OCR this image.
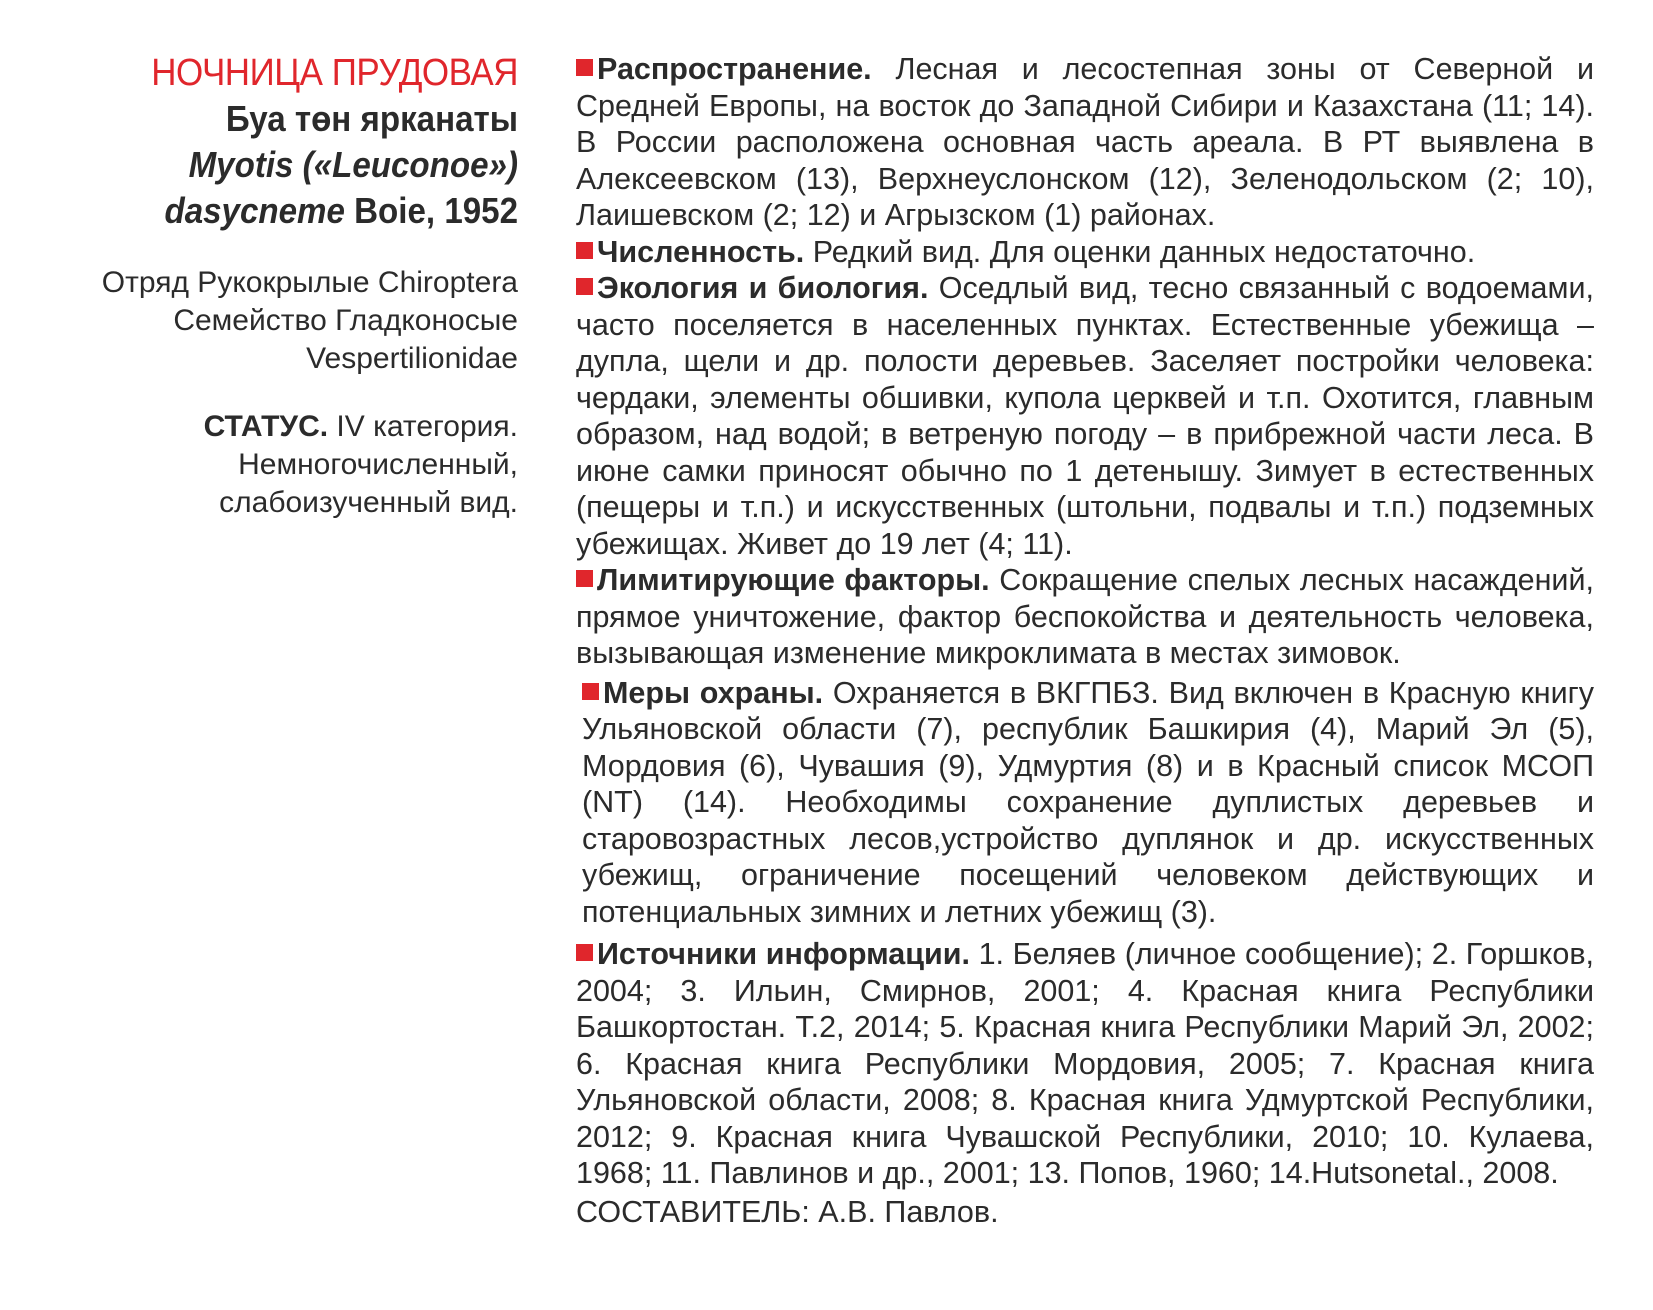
НОЧНИЦА ПРУДОВАЯ
Буа төн ярканаты
Myotis («Leuconoe»)
dasycneme Boie, 1952
Отряд Рукокрылые Chiroptera
Семейство Гладконосые
Vespertilionidae
СТАТУС. IV категория.
Немногочисленный,
слабоизученный вид.

Распространение. Лесная и лесостепная зоны от Северной и Средней Европы, на восток до Западной Сибири и Казахстана (11; 14). В России расположена основная часть ареала. В РТ выявлена в Алексеевском (13), Верхнеуслонском (12), Зеленодольском (2; 10), Лаишевском (2; 12) и Агрызском (1) районах.

Численность. Редкий вид. Для оценки данных недостаточно.

Экология и биология. Оседлый вид, тесно связанный с водоемами, часто поселяется в населенных пунктах. Естественные убежища – дупла, щели и др. полости деревьев. Заселяет постройки человека: чердаки, элементы обшивки, купола церквей и т.п. Охотится, главным образом, над водой; в ветреную погоду – в прибрежной части леса. В июне самки приносят обычно по 1 детенышу. Зимует в естественных (пещеры и т.п.) и искусственных (штольни, подвалы и т.п.) подземных убежищах. Живет до 19 лет (4; 11).

Лимитирующие факторы. Сокращение спелых лесных насаждений, прямое уничтожение, фактор беспокойства и деятельность человека, вызывающая изменение микроклимата в местах зимовок.

Меры охраны. Охраняется в ВКГПБЗ. Вид включен в Красную книгу Ульяновской области (7), республик Башкирия (4), Марий Эл (5), Мордовия (6), Чувашия (9), Удмуртия (8) и в Красный список МСОП (NT) (14). Необходимы сохранение дуплистых деревьев и старовозрастных лесов,устройство дуплянок и др. искусственных убежищ, ограничение посещений человеком действующих и потенциальных зимних и летних убежищ (3).

Источники информации. 1. Беляев (личное сообщение); 2. Горшков, 2004; 3. Ильин, Смирнов, 2001; 4. Красная книга Республики Башкортостан. Т.2, 2014; 5. Красная книга Республики Марий Эл, 2002; 6. Красная книга Республики Мордовия, 2005; 7. Красная книга Ульяновской области, 2008; 8. Красная книга Удмуртской Республики, 2012; 9. Красная книга Чувашской Республики, 2010; 10. Кулаева, 1968; 11. Павлинов и др., 2001; 13. Попов, 1960; 14.Hutsonetal., 2008.

СОСТАВИТЕЛЬ: А.В. Павлов.
